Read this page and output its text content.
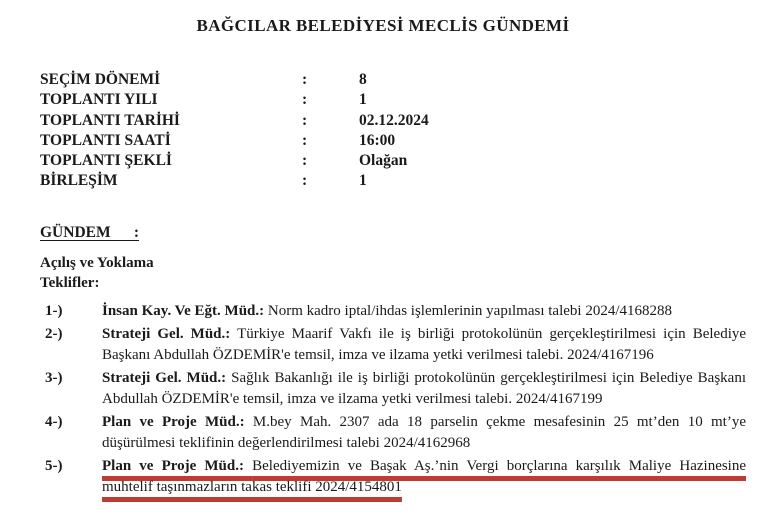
BAĞCILAR BELEDİYESİ MECLİS GÜNDEMİ
SEÇİM DÖNEMİ	:	8
TOPLANTI YILI	:	1
TOPLANTI TARİHİ	:	02.12.2024
TOPLANTI SAATİ	:	16:00
TOPLANTI ŞEKLİ	:	Olağan
BİRLEŞİM	:	1
GÜNDEM      :
Açılış ve Yoklama
Teklifler:
1-)	İnsan Kay. Ve Eğt. Müd.: Norm kadro iptal/ihdas işlemlerinin yapılması talebi 2024/4168288

2-)	Strateji Gel. Müd.: Türkiye Maarif Vakfı ile iş birliği protokolünün gerçekleştirilmesi için Belediye Başkanı Abdullah ÖZDEMİR'e temsil, imza ve ilzama yetki verilmesi talebi. 2024/4167196

3-)	Strateji Gel. Müd.: Sağlık Bakanlığı ile iş birliği protokolünün gerçekleştirilmesi için Belediye Başkanı Abdullah ÖZDEMİR'e temsil, imza ve ilzama yetki verilmesi talebi. 2024/4167199

4-)	Plan ve Proje Müd.: M.bey Mah. 2307 ada 18 parselin çekme mesafesinin 25 mt’den 10 mt’ye düşürülmesi teklifinin değerlendirilmesi talebi 2024/4162968

5-)	Plan ve Proje Müd.: Belediyemizin ve Başak Aş.’nin Vergi borçlarına karşılık Maliye Hazinesine muhtelif taşınmazların takas teklifi 2024/4154801
